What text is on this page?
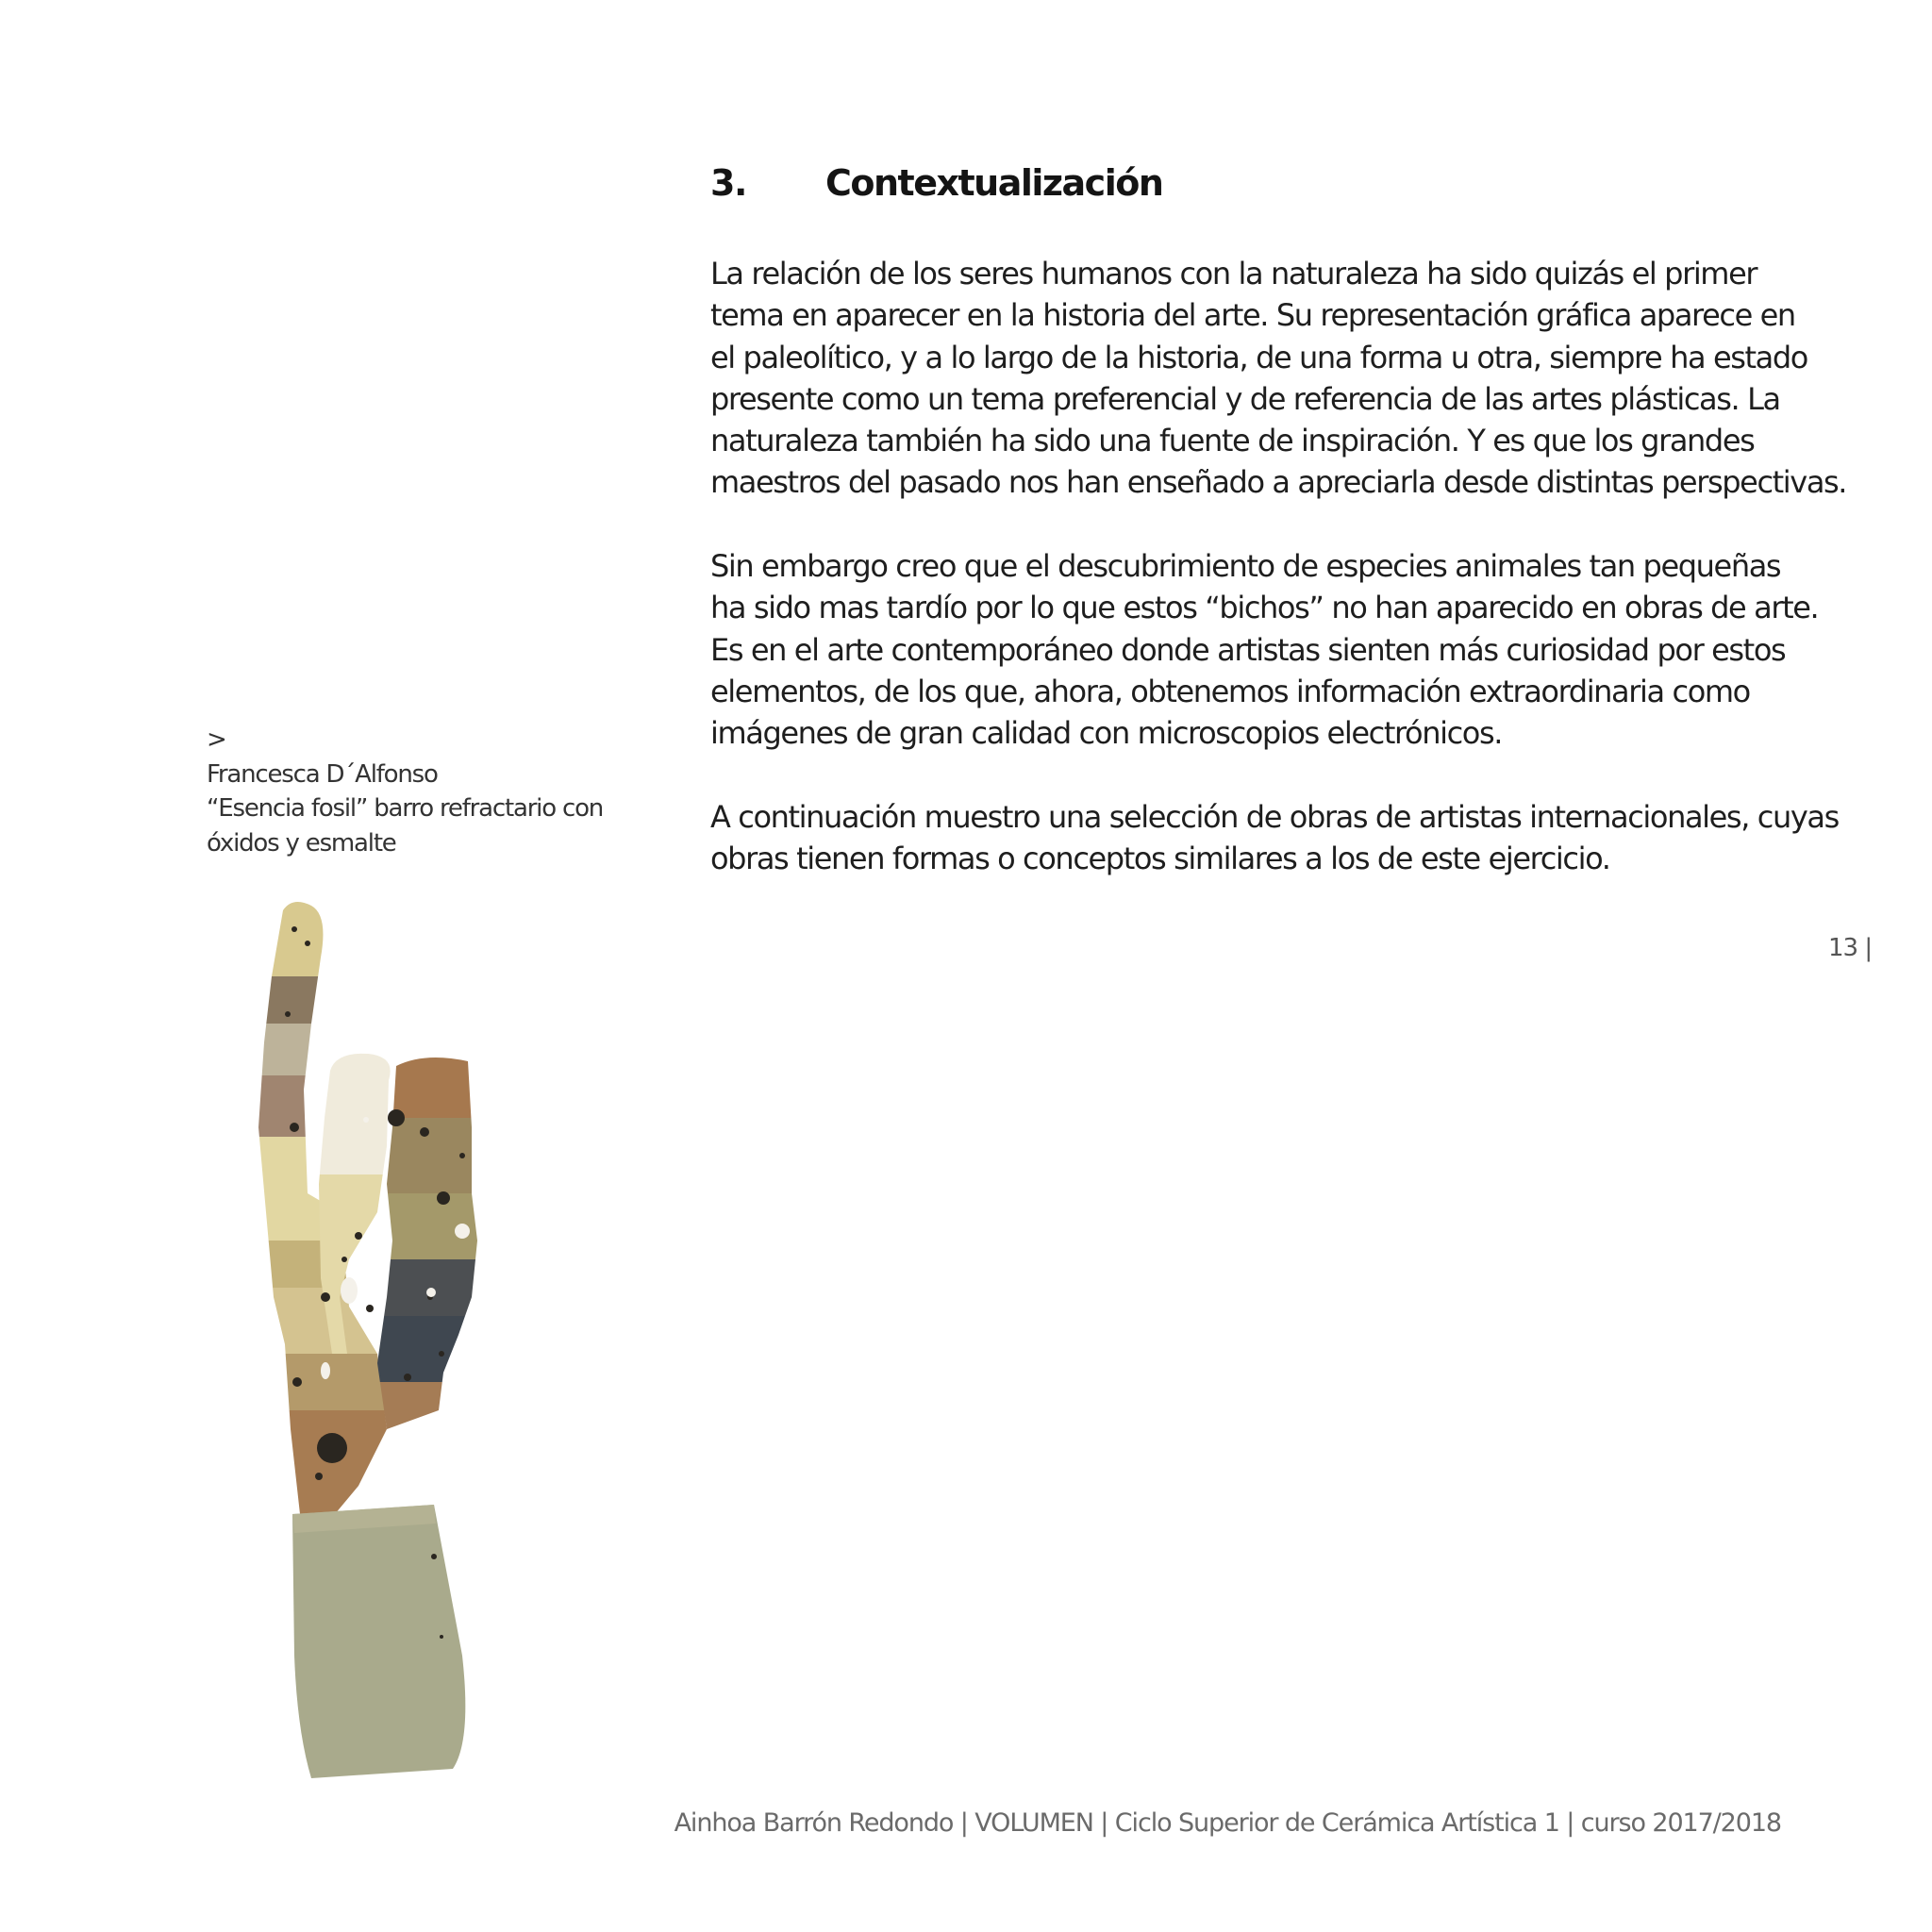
3. Contextualización

La relación de los seres humanos con la naturaleza ha sido quizás el primer
tema en aparecer en la historia del arte. Su representación gráfica aparece en
el paleolítico, y a lo largo de la historia, de una forma u otra, siempre ha estado
presente como un tema preferencial y de referencia de las artes plásticas. La
naturaleza también ha sido una fuente de inspiración. Y es que los grandes
maestros del pasado nos han enseñado a apreciarla desde distintas perspectivas.

Sin embargo creo que el descubrimiento de especies animales tan pequeñas
ha sido mas tardío por lo que estos “bichos” no han aparecido en obras de arte.
Es en el arte contemporáneo donde artistas sienten más curiosidad por estos
elementos, de los que, ahora, obtenemos información extraordinaria como
imágenes de gran calidad con microscopios electrónicos.

A continuación muestro una selección de obras de artistas internacionales, cuyas
obras tienen formas o conceptos similares a los de este ejercicio.

>
Francesca D´Alfonso
“Esencia fosil” barro refractario con
óxidos y esmalte
13 |
Ainhoa Barrón Redondo | VOLUMEN | Ciclo Superior de Cerámica Artística 1 | curso 2017/2018
